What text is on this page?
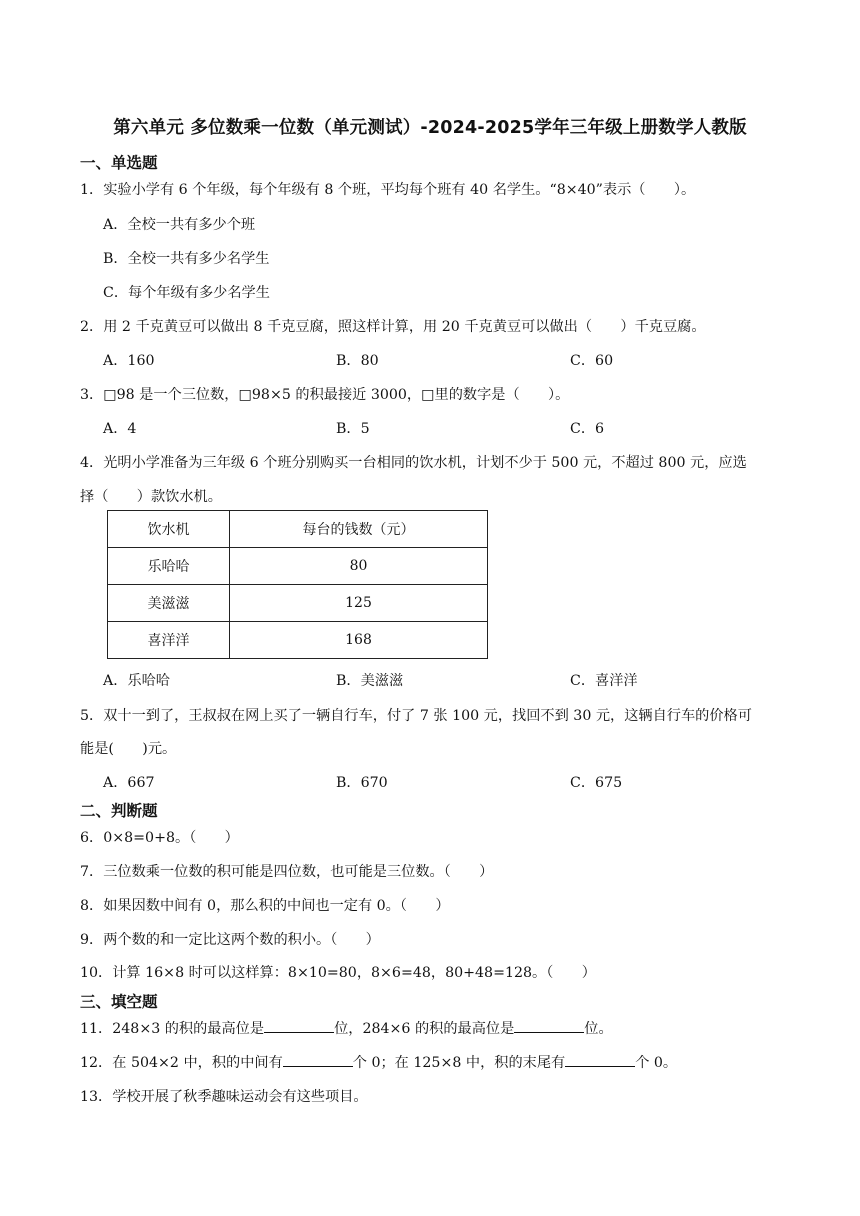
第六单元 多位数乘一位数（单元测试）-2024-2025学年三年级上册数学人教版
一、单选题
1．实验小学有 6 个年级，每个年级有 8 个班，平均每个班有 40 名学生。“8×40”表示（　　）。
A．全校一共有多少个班
B．全校一共有多少名学生
C．每个年级有多少名学生
2．用 2 千克黄豆可以做出 8 千克豆腐，照这样计算，用 20 千克黄豆可以做出（　　）千克豆腐。
A．160	B．80	C．60
3．□98 是一个三位数，□98×5 的积最接近 3000，□里的数字是（　　）。
A．4	B．5	C．6
4．光明小学准备为三年级 6 个班分别购买一台相同的饮水机，计划不少于 500 元，不超过 800 元，应选
择（　　）款饮水机。
饮水机	每台的钱数（元）
乐哈哈	80
美滋滋	125
喜洋洋	168
A．乐哈哈	B．美滋滋	C．喜洋洋
5．双十一到了，王叔叔在网上买了一辆自行车，付了 7 张 100 元，找回不到 30 元，这辆自行车的价格可
能是(　　)元。
A．667	B．670	C．675
二、判断题
6．0×8=0+8。（　　）
7．三位数乘一位数的积可能是四位数，也可能是三位数。（　　）
8．如果因数中间有 0，那么积的中间也一定有 0。（　　）
9．两个数的和一定比这两个数的积小。（　　）
10．计算 16×8 时可以这样算：8×10=80，8×6=48，80+48=128。（　　）
三、填空题
11．248×3 的积的最高位是	位，284×6 的积的最高位是	位。
12．在 504×2 中，积的中间有	个 0；在 125×8 中，积的末尾有	个 0。
13．学校开展了秋季趣味运动会有这些项目。
